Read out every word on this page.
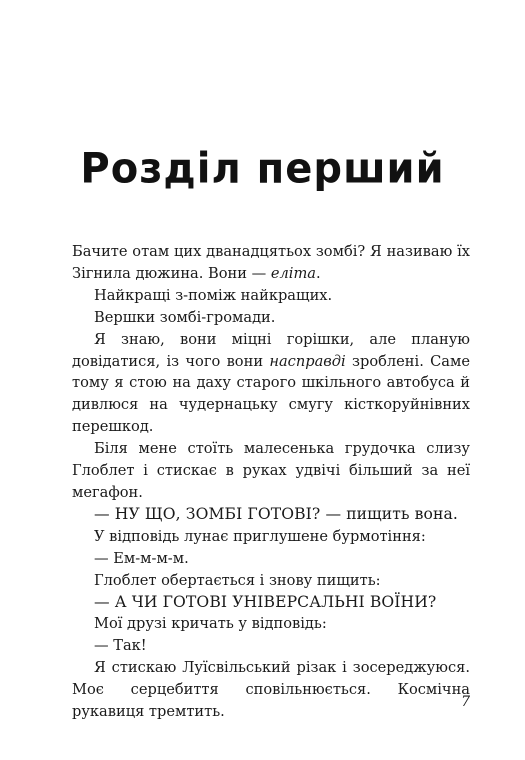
Розділ перший

Бачите отам цих дванадцятьох зомбі? Я називаю їх Зігнила дюжина. Вони — еліта.

Найкращі з-поміж найкращих.

Вершки зомбі-громади.

Я знаю, вони міцні горішки, але планую довідатися, із чого вони насправді зроблені. Саме тому я стою на даху старого шкільного автобуса й дивлюся на чудернацьку смугу кісткоруйнівних перешкод.

Біля мене стоїть малесенька грудочка слизу Глоблет і стискає в руках удвічі більший за неї мегафон.

— НУ ЩО, ЗОМБІ ГОТОВІ? — пищить вона.

У відповідь лунає приглушене бурмотіння:

— Ем-м-м-м.

Глоблет обертається і знову пищить:

— А ЧИ ГОТОВІ УНІВЕРСАЛЬНІ ВОЇНИ?

Мої друзі кричать у відповідь:

— Так!

Я стискаю Луїсвільський різак і зосереджуюся. Моє серцебиття сповільнюється. Космічна рукавиця тремтить.

7
